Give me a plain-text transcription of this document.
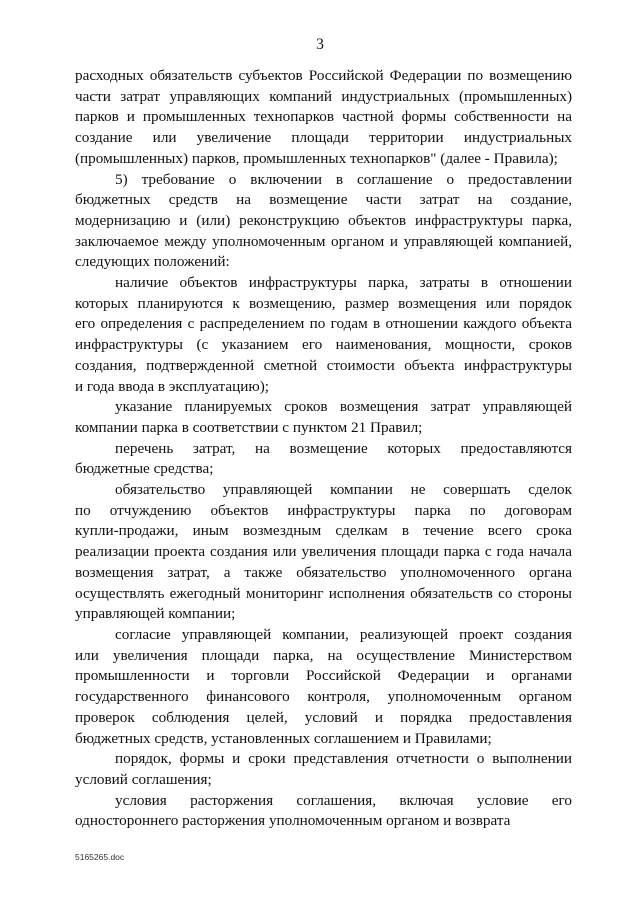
3

расходных обязательств субъектов Российской Федерации по возмещению

части затрат управляющих компаний индустриальных (промышленных)

парков и промышленных технопарков частной формы собственности на

создание или увеличение площади территории индустриальных

(промышленных) парков, промышленных технопарков" (далее - Правила);

5) требование о включении в соглашение о предоставлении

бюджетных средств на возмещение части затрат на создание,

модернизацию и (или) реконструкцию объектов инфраструктуры парка,

заключаемое между уполномоченным органом и управляющей компанией,

следующих положений:

наличие объектов инфраструктуры парка, затраты в отношении

которых планируются к возмещению, размер возмещения или порядок

его определения с распределением по годам в отношении каждого объекта

инфраструктуры (с указанием его наименования, мощности, сроков

создания, подтвержденной сметной стоимости объекта инфраструктуры

и года ввода в эксплуатацию);

указание планируемых сроков возмещения затрат управляющей

компании парка в соответствии с пунктом 21 Правил;

перечень затрат, на возмещение которых предоставляются

бюджетные средства;

обязательство управляющей компании не совершать сделок

по отчуждению объектов инфраструктуры парка по договорам

купли-продажи, иным возмездным сделкам в течение всего срока

реализации проекта создания или увеличения площади парка с года начала

возмещения затрат, а также обязательство уполномоченного органа

осуществлять ежегодный мониторинг исполнения обязательств со стороны

управляющей компании;

согласие управляющей компании, реализующей проект создания

или увеличения площади парка, на осуществление Министерством

промышленности и торговли Российской Федерации и органами

государственного финансового контроля, уполномоченным органом

проверок соблюдения целей, условий и порядка предоставления

бюджетных средств, установленных соглашением и Правилами;

порядок, формы и сроки представления отчетности о выполнении

условий соглашения;

условия расторжения соглашения, включая условие его

одностороннего расторжения уполномоченным органом и возврата

5165265.doc
